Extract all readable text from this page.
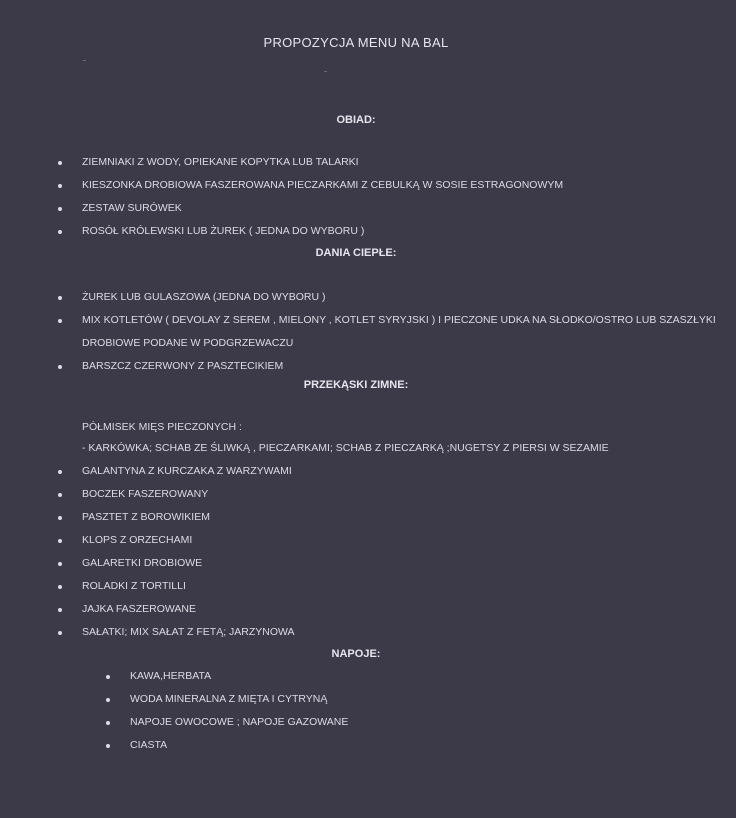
PROPOZYCJA MENU NA BAL
OBIAD:
ZIEMNIAKI Z WODY, OPIEKANE KOPYTKA LUB TALARKI
KIESZONKA DROBIOWA FASZEROWANA PIECZARKAMI Z CEBULKĄ W SOSIE ESTRAGONOWYM
ZESTAW SURÓWEK
ROSÓŁ KRÓLEWSKI LUB ŻUREK ( JEDNA DO WYBORU )
DANIA CIEPŁE:
ŻUREK LUB GULASZOWA (JEDNA DO WYBORU )
MIX KOTLETÓW ( DEVOLAY Z SEREM , MIELONY , KOTLET SYRYJSKI ) I PIECZONE UDKA NA SŁODKO/OSTRO LUB SZASZŁYKI
DROBIOWE PODANE W PODGRZEWACZU
BARSZCZ CZERWONY Z PASZTECIKIEM
PRZEKĄSKI ZIMNE:
PÓŁMISEK MIĘS PIECZONYCH :
- KARKÓWKA; SCHAB ZE ŚLIWKĄ , PIECZARKAMI; SCHAB Z PIECZARKĄ ;NUGETSY Z PIERSI W SEZAMIE
GALANTYNA Z KURCZAKA Z WARZYWAMI
BOCZEK FASZEROWANY
PASZTET Z BOROWIKIEM
KLOPS Z ORZECHAMI
GALARETKI DROBIOWE
ROLADKI Z TORTILLI
JAJKA FASZEROWANE
SAŁATKI; MIX SAŁAT Z FETĄ; JARZYNOWA
NAPOJE:
KAWA,HERBATA
WODA MINERALNA Z MIĘTA I CYTRYNĄ
NAPOJE OWOCOWE ; NAPOJE GAZOWANE
CIASTA
